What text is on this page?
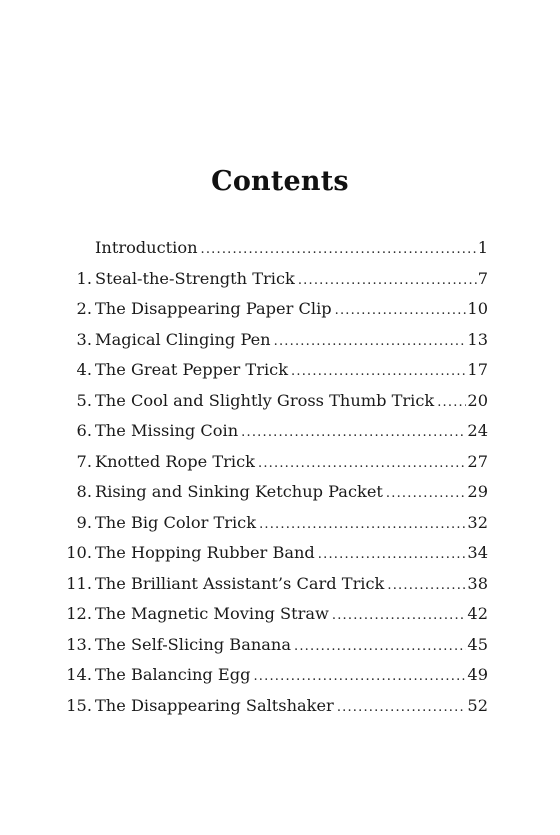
Contents
Introduction .....	1
1. Steal-the-Strength Trick .....	7
2. The Disappearing Paper Clip .....	10
3. Magical Clinging Pen .....	13
4. The Great Pepper Trick .....	17
5. The Cool and Slightly Gross Thumb Trick ..... 20
6. The Missing Coin .....	24
7. Knotted Rope Trick .....	27
8. Rising and Sinking Ketchup Packet .....	29
9. The Big Color Trick .....	32
10. The Hopping Rubber Band .....	34
11. The Brilliant Assistant’s Card Trick .....	38
12. The Magnetic Moving Straw .....	42
13. The Self-Slicing Banana .....	45
14. The Balancing Egg .....	49
15. The Disappearing Saltshaker .....	52
